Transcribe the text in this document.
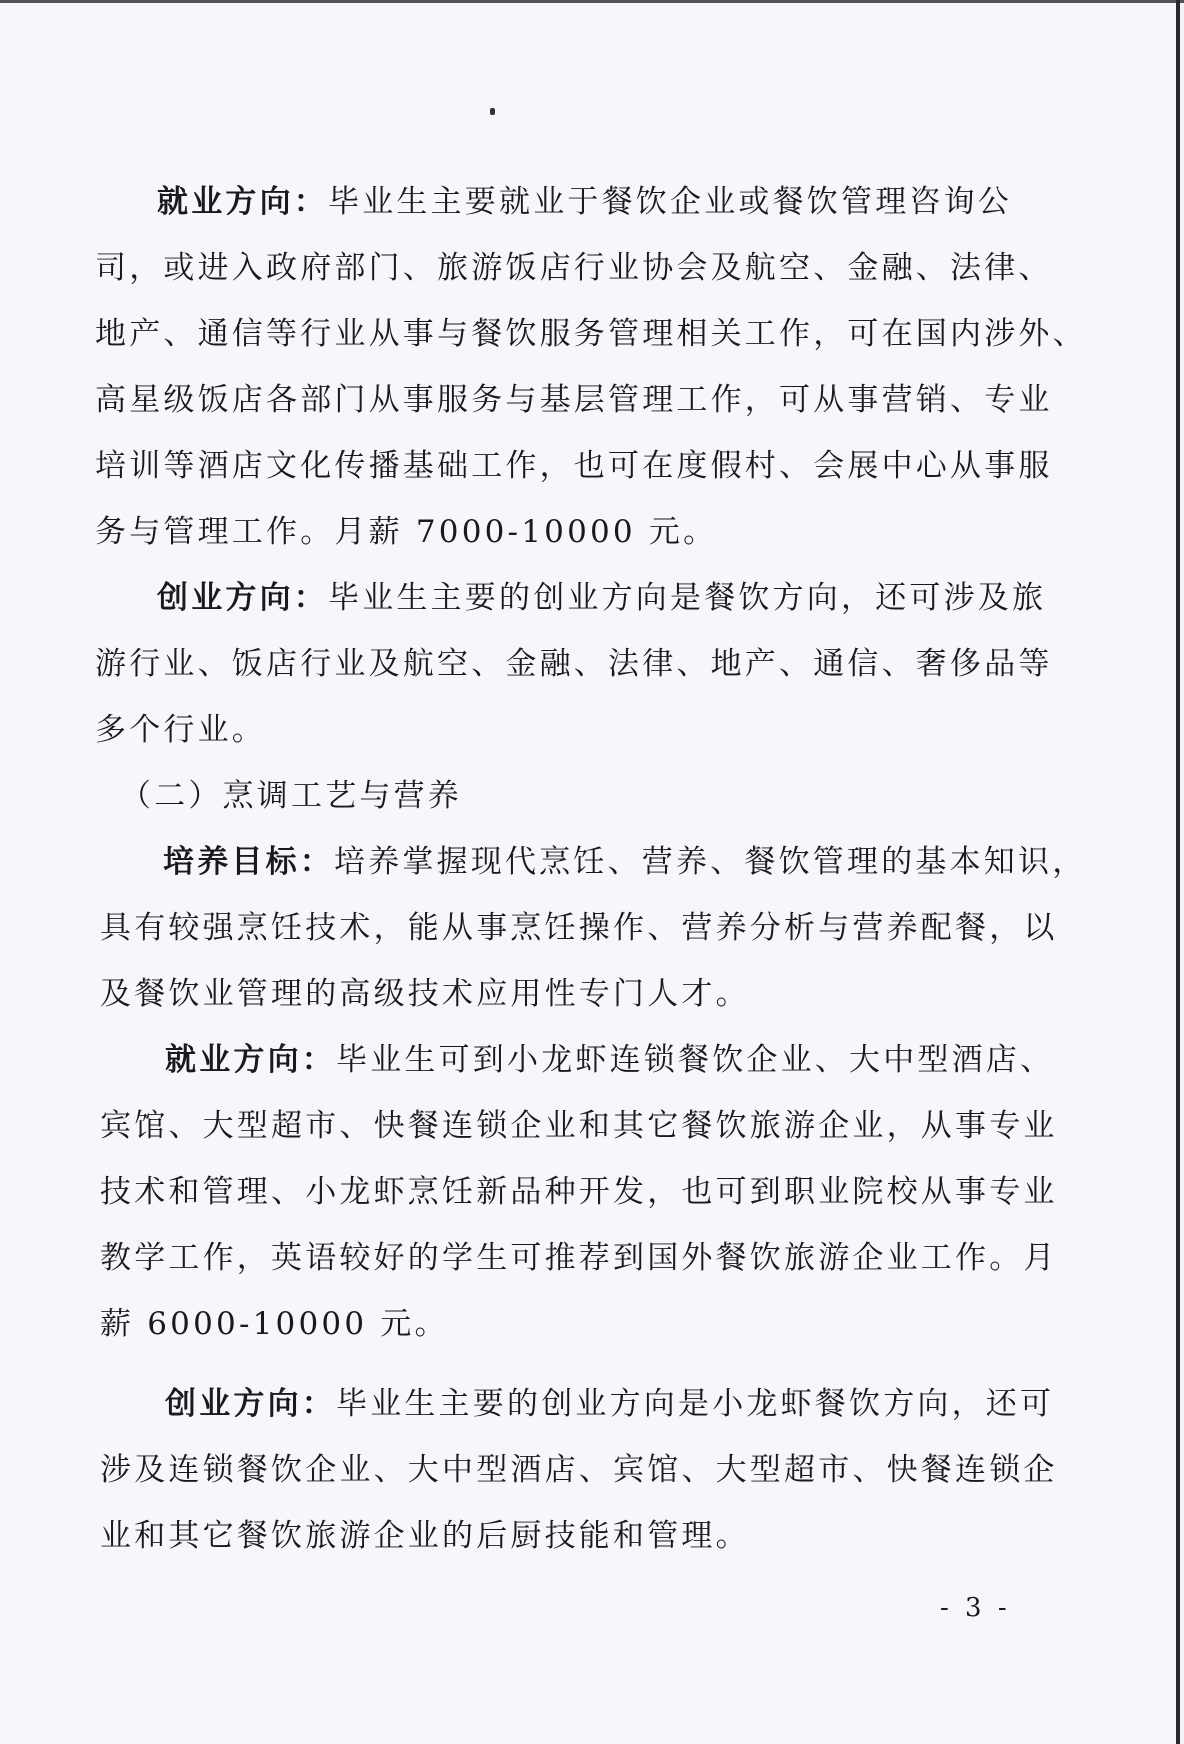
就业方向：毕业生主要就业于餐饮企业或餐饮管理咨询公
司，或进入政府部门、旅游饭店行业协会及航空、金融、法律、
地产、通信等行业从事与餐饮服务管理相关工作，可在国内涉外、
高星级饭店各部门从事服务与基层管理工作，可从事营销、专业
培训等酒店文化传播基础工作，也可在度假村、会展中心从事服
务与管理工作。月薪 7000-10000 元。
创业方向：毕业生主要的创业方向是餐饮方向，还可涉及旅
游行业、饭店行业及航空、金融、法律、地产、通信、奢侈品等
多个行业。
（二）烹调工艺与营养
培养目标：培养掌握现代烹饪、营养、餐饮管理的基本知识，
具有较强烹饪技术，能从事烹饪操作、营养分析与营养配餐，以
及餐饮业管理的高级技术应用性专门人才。
就业方向：毕业生可到小龙虾连锁餐饮企业、大中型酒店、
宾馆、大型超市、快餐连锁企业和其它餐饮旅游企业，从事专业
技术和管理、小龙虾烹饪新品种开发，也可到职业院校从事专业
教学工作，英语较好的学生可推荐到国外餐饮旅游企业工作。月
薪 6000-10000 元。
创业方向：毕业生主要的创业方向是小龙虾餐饮方向，还可
涉及连锁餐饮企业、大中型酒店、宾馆、大型超市、快餐连锁企
业和其它餐饮旅游企业的后厨技能和管理。
- 3 -
